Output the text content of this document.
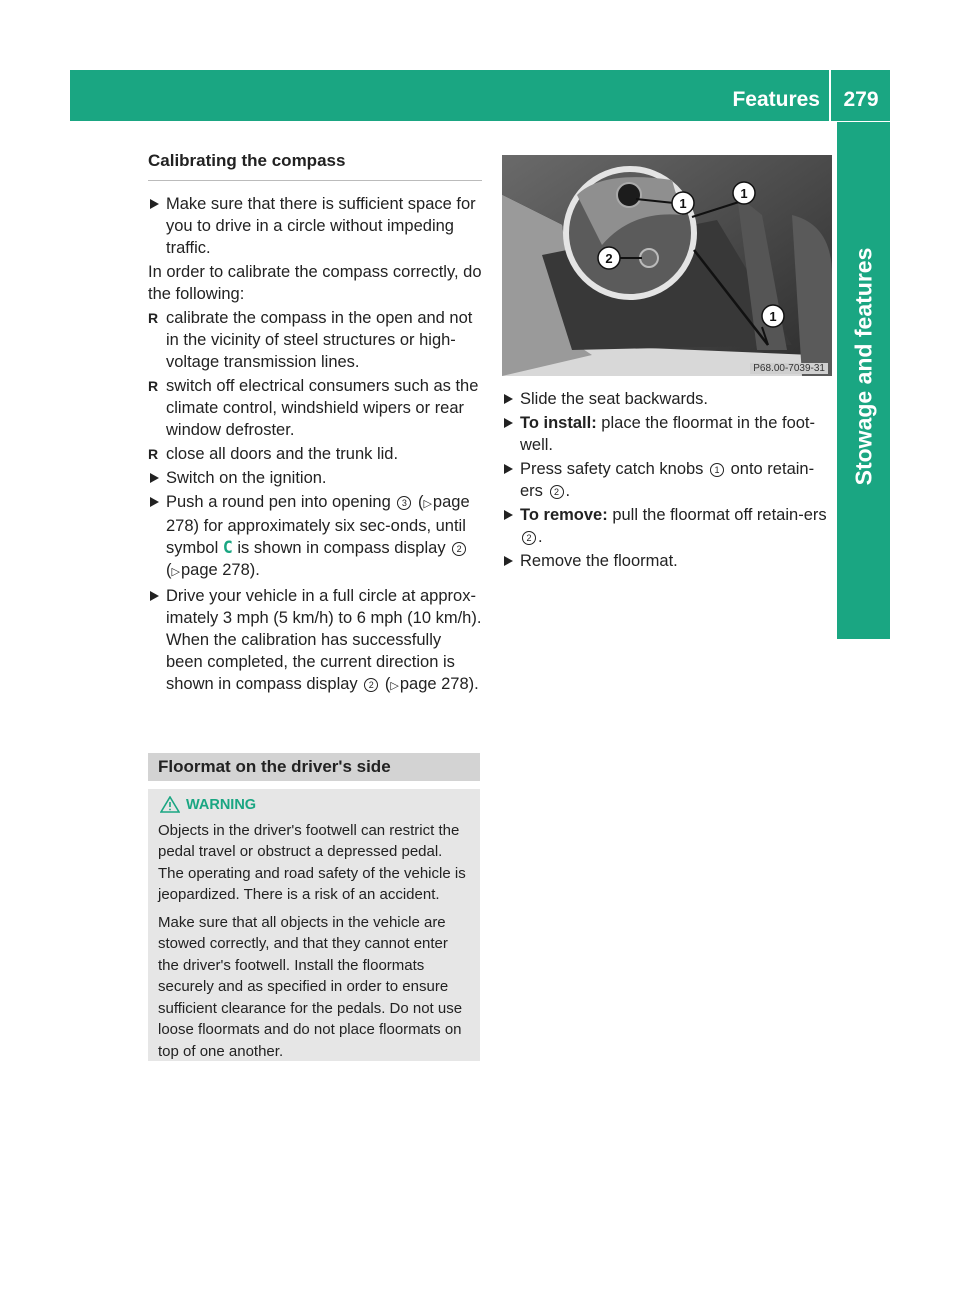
Features	279
Stowage and features
Calibrating the compass
Make sure that there is sufficient space for you to drive in a circle without impeding traffic.
In order to calibrate the compass correctly, do the following:
R calibrate the compass in the open and not in the vicinity of steel structures or high-voltage transmission lines.
R switch off electrical consumers such as the climate control, windshield wipers or rear window defroster.
R close all doors and the trunk lid.
Switch on the ignition.
Push a round pen into opening 3 (▷page 278) for approximately six sec-onds, until symbol C is shown in compass display 2 (▷page 278).
Drive your vehicle in a full circle at approx-imately 3 mph (5 km/h) to 6 mph (10 km/h).
When the calibration has successfully been completed, the current direction is shown in compass display 2 (▷page 278).
Floormat on the driver's side
WARNING

Objects in the driver's footwell can restrict the pedal travel or obstruct a depressed pedal. The operating and road safety of the vehicle is jeopardized. There is a risk of an accident.

Make sure that all objects in the vehicle are stowed correctly, and that they cannot enter the driver's footwell. Install the floormats securely and as specified in order to ensure sufficient clearance for the pedals. Do not use loose floormats and do not place floormats on top of one another.

1
1
1
2
P68.00-7039-31
Slide the seat backwards.
To install: place the floormat in the foot-well.
Press safety catch knobs 1 onto retain-ers 2 .
To remove: pull the floormat off retain-ers 2 .
Remove the floormat.
